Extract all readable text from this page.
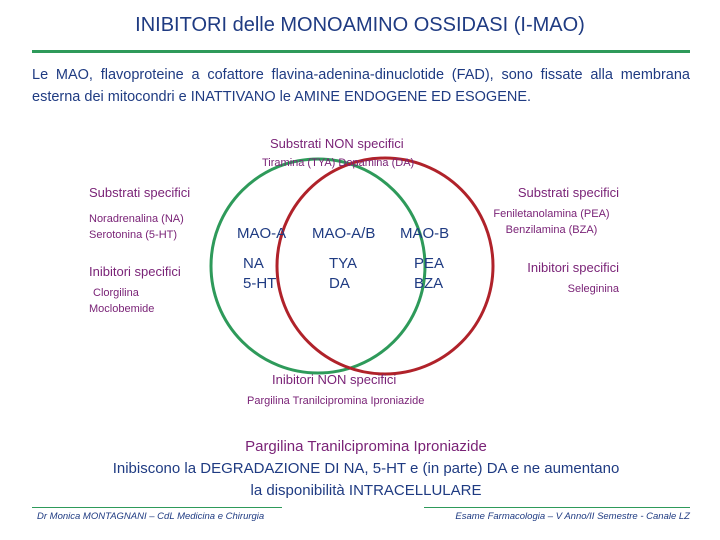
INIBITORI delle MONOAMINO OSSIDASI (I-MAO)
Le MAO, flavoproteine a cofattore flavina-adenina-dinuclotide (FAD), sono fissate alla membrana esterna dei mitocondri e INATTIVANO le AMINE ENDOGENE ED ESOGENE.
Substrati NON specifici
Tiramina (TYA) Dopamina (DA)
Substrati specifici
Noradrenalina (NA)
Serotonina (5-HT)
Inibitori specifici
Clorgilina
Moclobemide
Substrati specifici
Feniletanolamina (PEA)
Benzilamina (BZA)
Inibitori specifici
Seleginina
MAO-A MAO-A/B MAO-B
NA
5-HT
TYA
DA
PEA
BZA
Inibitori NON specifici
Pargilina Tranilcipromina Iproniazide
Pargilina Tranilcipromina Iproniazide
Inibiscono la DEGRADAZIONE DI NA, 5-HT e (in parte) DA e ne aumentano
la disponibilità INTRACELLULARE
Dr Monica MONTAGNANI – CdL Medicina e Chirurgia	Esame Farmacologia – V Anno/II Semestre - Canale LZ
